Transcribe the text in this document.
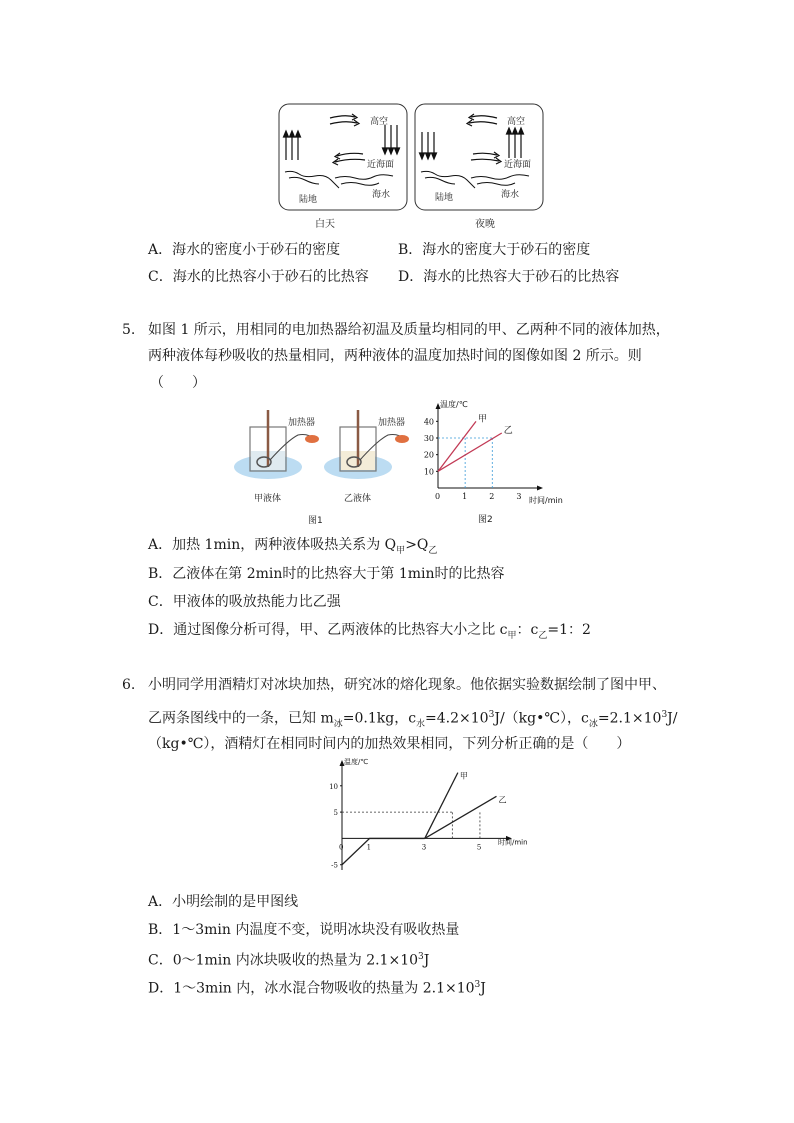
高空
近海面
陆地	海水
白天
高空
近海面
陆地	海水
夜晚
A．海水的密度小于砂石的密度	B．海水的密度大于砂石的密度
C．海水的比热容小于砂石的比热容 D．海水的比热容大于砂石的比热容
5. 如图 1 所示，用相同的电加热器给初温及质量均相同的甲、乙两种不同的液体加热，
两种液体每秒吸收的热量相同，两种液体的温度加热时间的图像如图 2 所示。则
（　　）
加热器
甲液体
加热器
乙液体
图1
温度/℃
时间/min
0	1	2	3
10
20
30
40	甲
乙
图2
A．加热 1min，两种液体吸热关系为 $Q_甲>Q_乙$
B．乙液体在第 2min时的比热容大于第 1min时的比热容
C．甲液体的吸放热能力比乙强
D．通过图像分析可得，甲、乙两液体的比热容大小之比 $c_甲$：$c_乙=1$：2
6. 小明同学用酒精灯对冰块加热，研究冰的熔化现象。他依据实验数据绘制了图中甲、
乙两条图线中的一条，已知 $m_冰=0.1kg$，$c_水=4.2\times 10^3J/(kg•℃)$，$c_冰=2.1\times 10^3J/$
（kg•℃），酒精灯在相同时间内的加热效果相同，下列分析正确的是（　　）
温度/℃
时间/min
0	1	3	5
-5
5
10
甲
乙
A．小明绘制的是甲图线
B．1～3min 内温度不变，说明冰块没有吸收热量
C．0～1min 内冰块吸收的热量为 $2.1\times 10^3J$
D．1～3min 内，冰水混合物吸收的热量为 $2.1\times 10^3J$
